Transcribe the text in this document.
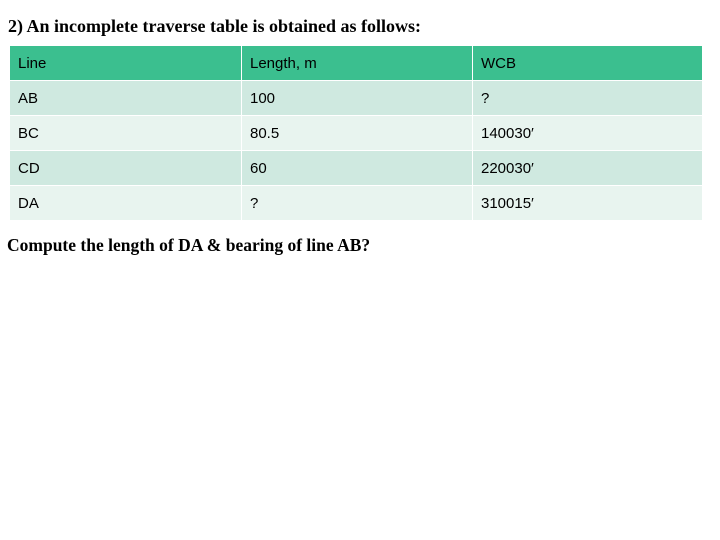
2) An incomplete traverse table is obtained as follows:
Line	Length, m	WCB
AB	100	?
BC	80.5	140030′
CD	60	220030′
DA	?	310015′
Compute the length of DA & bearing of line AB?
